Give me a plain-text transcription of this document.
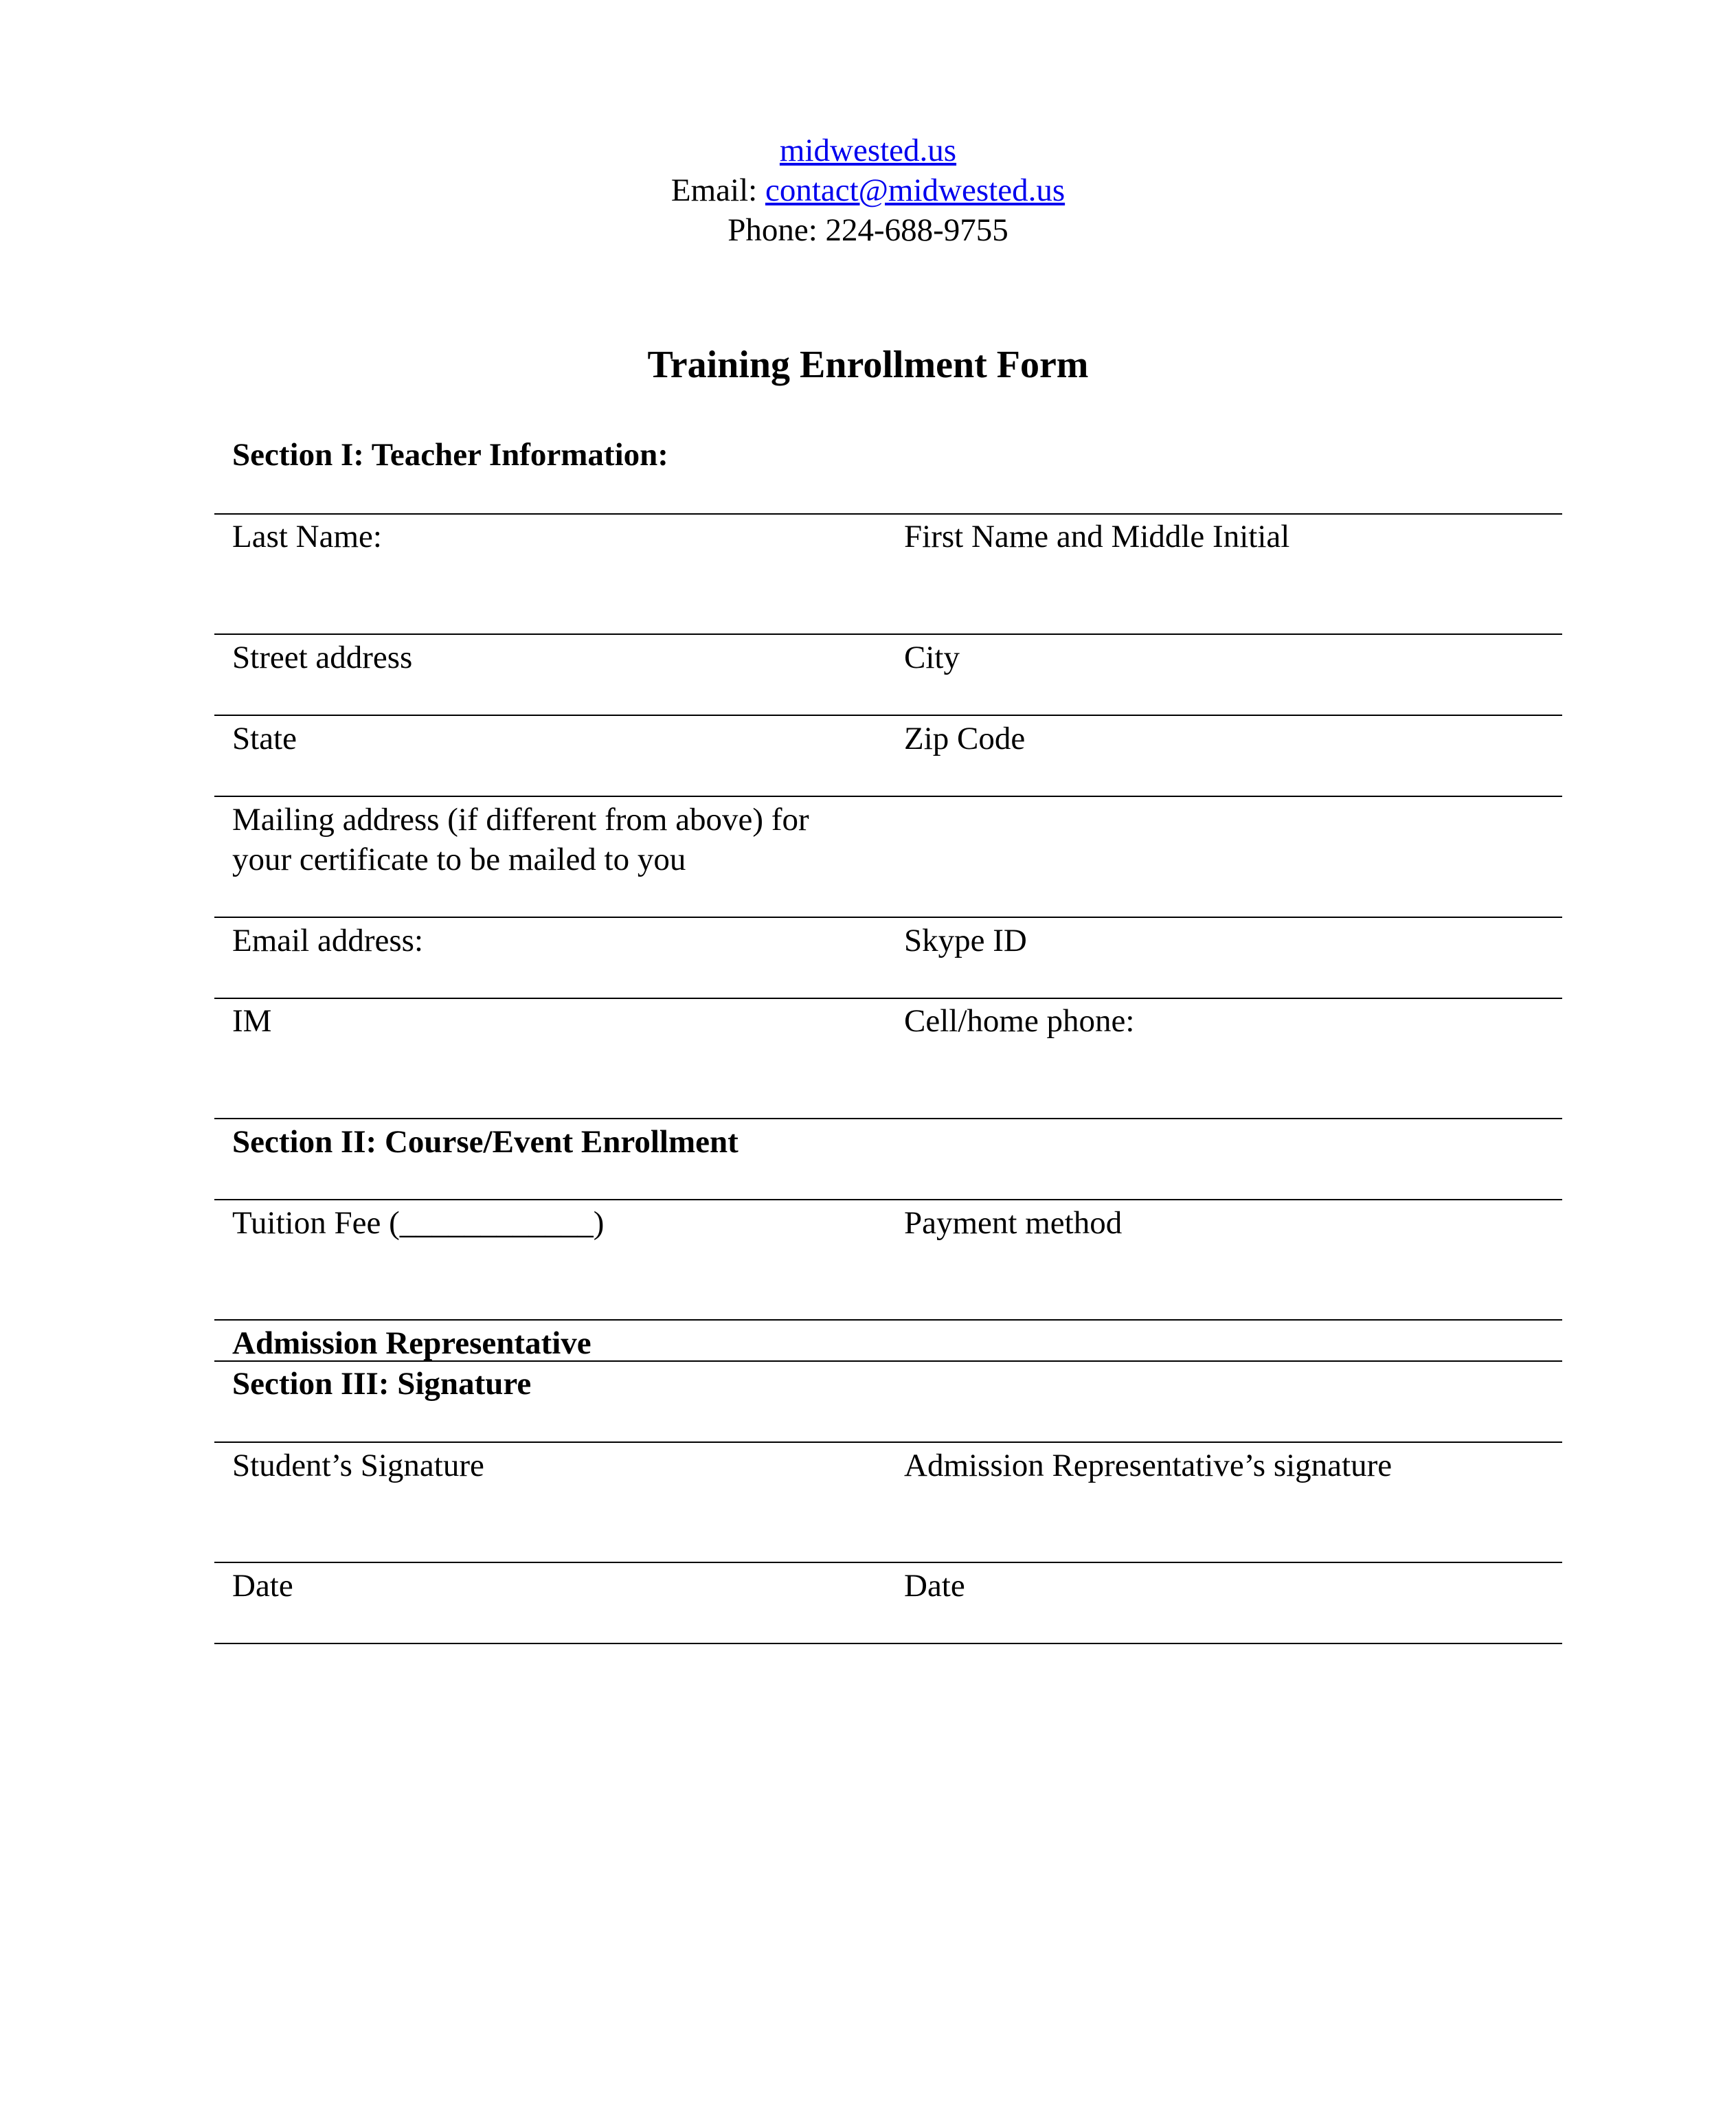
midwested.us
Email: contact@midwested.us
Phone: 224-688-9755
Training Enrollment Form
Section I: Teacher Information:
Last Name:	First Name and Middle Initial
Street address	City
State	Zip Code
Mailing address (if different from above) for
your certificate to be mailed to you
Email address:	Skype ID
IM	Cell/home phone:
Section II: Course/Event Enrollment
Tuition Fee (____________)	Payment method
Admission Representative
Section III: Signature
Student’s Signature	Admission Representative’s signature
Date	Date
